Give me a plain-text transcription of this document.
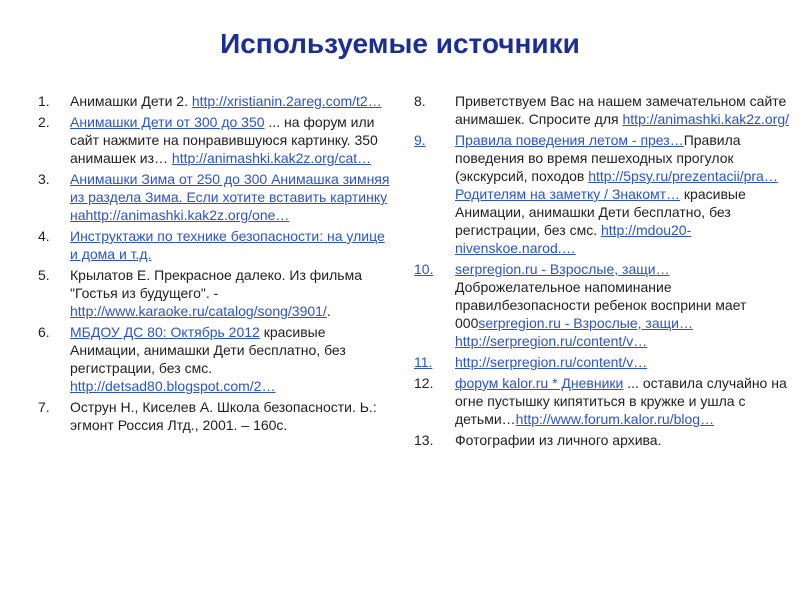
Используемые источники
1.	Анимашки Дети 2. http://xristianin.2areg.com/t2…
2.	Анимашки Дети от 300 до 350 ... на форум или сайт нажмите на понравившуюся картинку. 350 анимашек из… http://animashki.kak2z.org/cat…
3.	Анимашки Зима от 250 до 300 Анимашка зимняя из раздела Зима. Если хотите вставить картинку наhttp://animashki.kak2z.org/one…
4.	Инструктажи по технике безопасности: на улице и дома и т.д.
5.	Крылатов Е. Прекрасное далеко. Из фильма "Гостья из будущего". - http://www.karaoke.ru/catalog/song/3901/.
6.	МБДОУ ДС 80: Октябрь 2012 красивые Анимации, анимашки Дети бесплатно, без регистрации, без смс. http://detsad80.blogspot.com/2…
7.	Острун Н., Киселев А. Школа безопасности. Ь.: эгмонт Россия Лтд., 2001. – 160с.
8.	Приветствуем Вас на нашем замечательном сайте анимашек. Спросите для http://animashki.kak2z.org/
9.	Правила поведения летом - през…Правила поведения во время пешеходных прогулок (экскурсий, походов http://5psy.ru/prezentacii/pra…Родителям на заметку / Знакомт… красивые Анимации, анимашки Дети бесплатно, без регистрации, без смс. http://mdou20-nivenskoe.narod.…
10.	serpregion.ru - Взрослые, защи…Доброжелательное напоминание правилбезопасности ребенок восприни мает 000serpregion.ru - Взрослые, защи…http://serpregion.ru/content/v…
11.	http://serpregion.ru/content/v…
12.	форум kalor.ru * Дневники ... оставила случайно на огне пустышку кипятиться в кружке и ушла с детьми…http://www.forum.kalor.ru/blog…
13.	Фотографии из личного архива.
